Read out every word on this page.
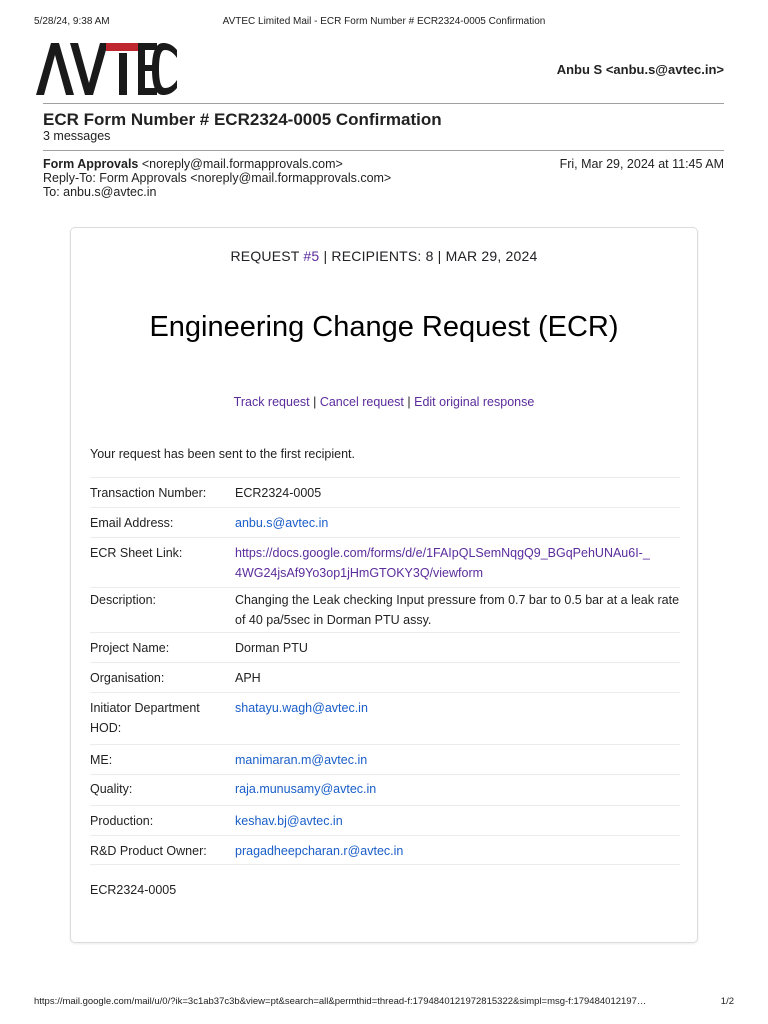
5/28/24, 9:38 AM	AVTEC Limited Mail - ECR Form Number # ECR2324-0005 Confirmation
Anbu S <anbu.s@avtec.in>
ECR Form Number # ECR2324-0005 Confirmation
3 messages
Form Approvals <noreply@mail.formapprovals.com>
Reply-To: Form Approvals <noreply@mail.formapprovals.com>
To: anbu.s@avtec.in
Fri, Mar 29, 2024 at 11:45 AM
REQUEST #5 | RECIPIENTS: 8 | MAR 29, 2024
Engineering Change Request (ECR)
Track request | Cancel request | Edit original response
Your request has been sent to the first recipient.
Transaction Number:	ECR2324-0005
Email Address:	anbu.s@avtec.in
ECR Sheet Link:	https://docs.google.com/forms/d/e/1FAIpQLSemNqgQ9_BGqPehUNAu6I-_ 4WG24jsAf9Yo3op1jHmGTOKY3Q/viewform
Description:	Changing the Leak checking Input pressure from 0.7 bar to 0.5 bar at a leak rate of 40 pa/5sec in Dorman PTU assy.
Project Name:	Dorman PTU
Organisation:	APH
Initiator Department HOD:
shatayu.wagh@avtec.in
ME:	manimaran.m@avtec.in
Quality:	raja.munusamy@avtec.in
Production:	keshav.bj@avtec.in
R&D Product Owner:	pragadheepcharan.r@avtec.in
ECR2324-0005
https://mail.google.com/mail/u/0/?ik=3c1ab37c3b&view=pt&search=all&permthid=thread-f:1794840121972815322&simpl=msg-f:179484012197…	1/2
